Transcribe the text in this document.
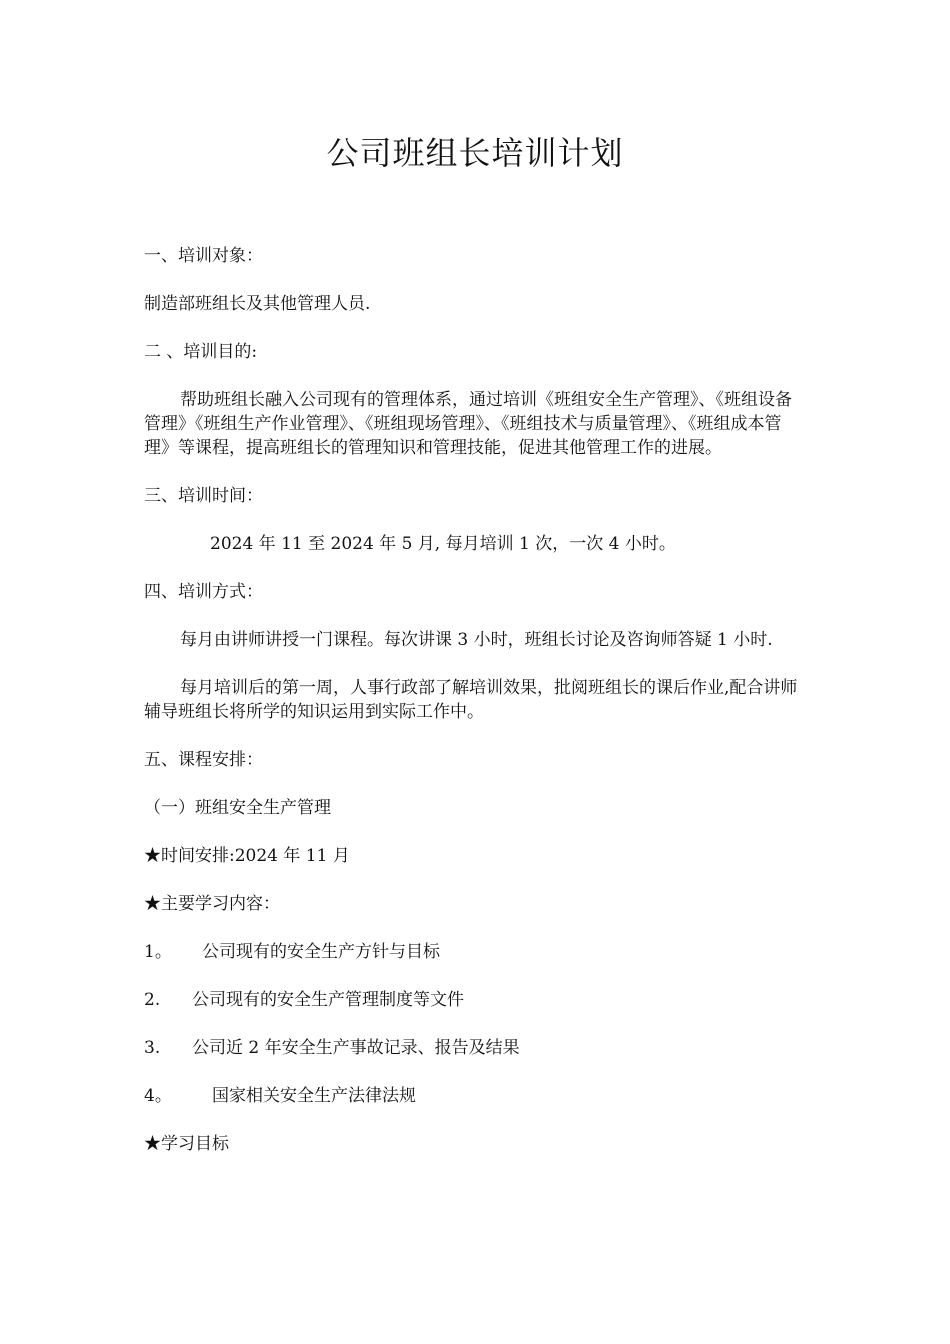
公司班组长培训计划

一、培训对象：

制造部班组长及其他管理人员.

二 、培训目的:

帮助班组长融入公司现有的管理体系，通过培训《班组安全生产管理》、《班组设备管理》《班组生产作业管理》、《班组现场管理》、《班组技术与质量管理》、《班组成本管理》等课程，提高班组长的管理知识和管理技能，促进其他管理工作的进展。

三、培训时间：

2024 年 11 至 2024 年 5 月, 每月培训 1 次，一次 4 小时。

四、培训方式：

每月由讲师讲授一门课程。每次讲课 3 小时，班组长讨论及咨询师答疑 1 小时.

每月培训后的第一周，人事行政部了解培训效果，批阅班组长的课后作业,配合讲师辅导班组长将所学的知识运用到实际工作中。

五、课程安排：

（一）班组安全生产管理

★时间安排:2024 年 11 月

★主要学习内容：

1。 公司现有的安全生产方针与目标

2. 公司现有的安全生产管理制度等文件

3. 公司近 2 年安全生产事故记录、报告及结果

4。 国家相关安全生产法律法规

★学习目标
